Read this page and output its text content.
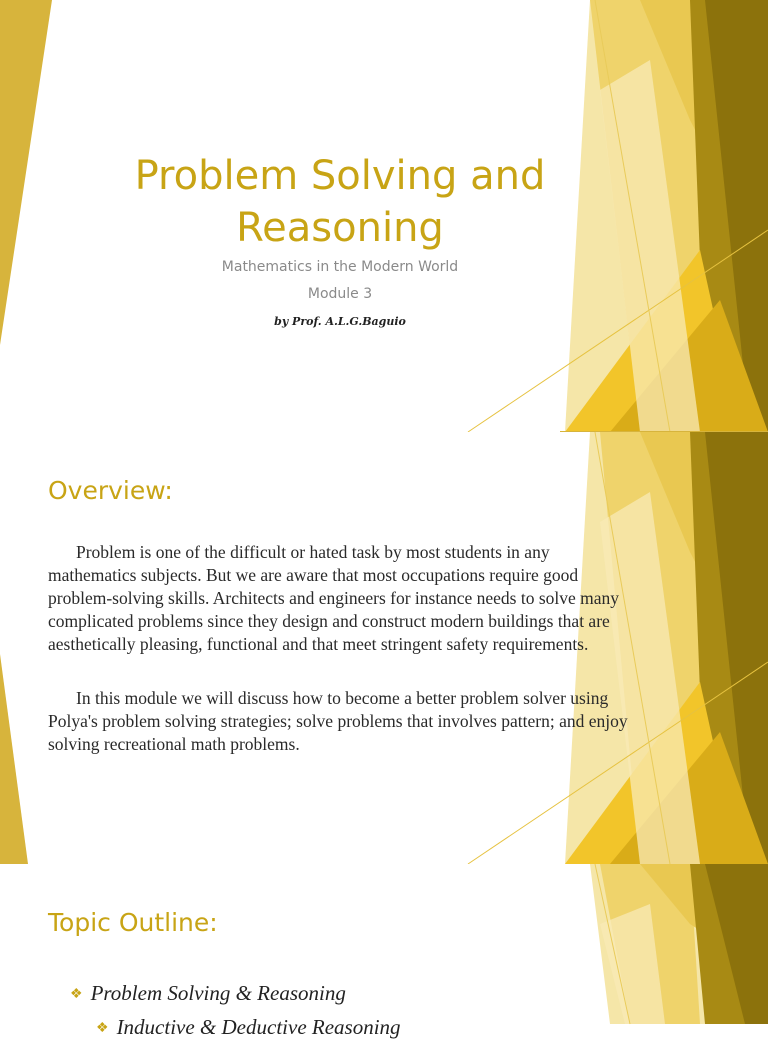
Problem Solving and
Reasoning
Mathematics in the Modern World
Module 3
by Prof. A.L.G.Baguio
Overview:

Problem is one of the difficult or hated task by most students in any mathematics subjects. But we are aware that most occupations require good problem-solving skills. Architects and engineers for instance needs to solve many complicated problems since they design and construct modern buildings that are aesthetically pleasing, functional and that meet stringent safety requirements.

In this module we will discuss how to become a better problem solver using Polya's problem solving strategies; solve problems that involves pattern; and enjoy solving recreational math problems.

Topic Outline:
❖ Problem Solving & Reasoning
❖ Inductive & Deductive Reasoning
